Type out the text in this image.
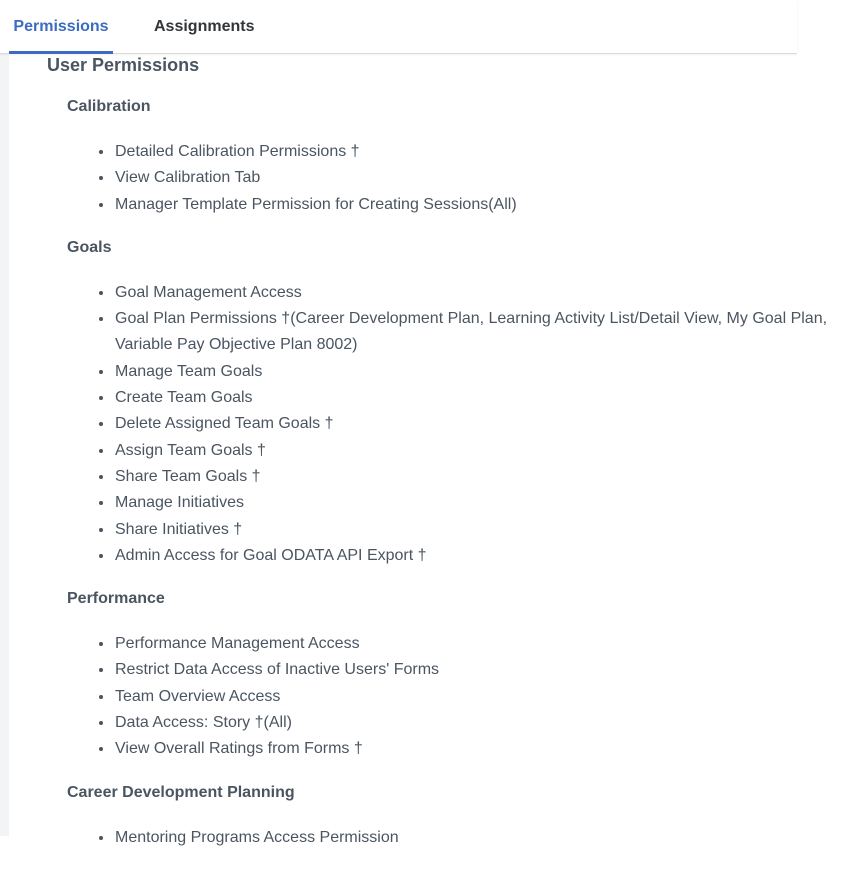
Permissions	Assignments
User Permissions
Calibration
• Detailed Calibration Permissions †
• View Calibration Tab
• Manager Template Permission for Creating Sessions(All)
Goals
• Goal Management Access
• Goal Plan Permissions †(Career Development Plan, Learning Activity List/Detail View, My Goal Plan, Variable Pay Objective Plan 8002)
• Manage Team Goals
• Create Team Goals
• Delete Assigned Team Goals †
• Assign Team Goals †
• Share Team Goals †
• Manage Initiatives
• Share Initiatives †
• Admin Access for Goal ODATA API Export †
Performance
• Performance Management Access
• Restrict Data Access of Inactive Users' Forms
• Team Overview Access
• Data Access: Story †(All)
• View Overall Ratings from Forms †
Career Development Planning
• Mentoring Programs Access Permission
